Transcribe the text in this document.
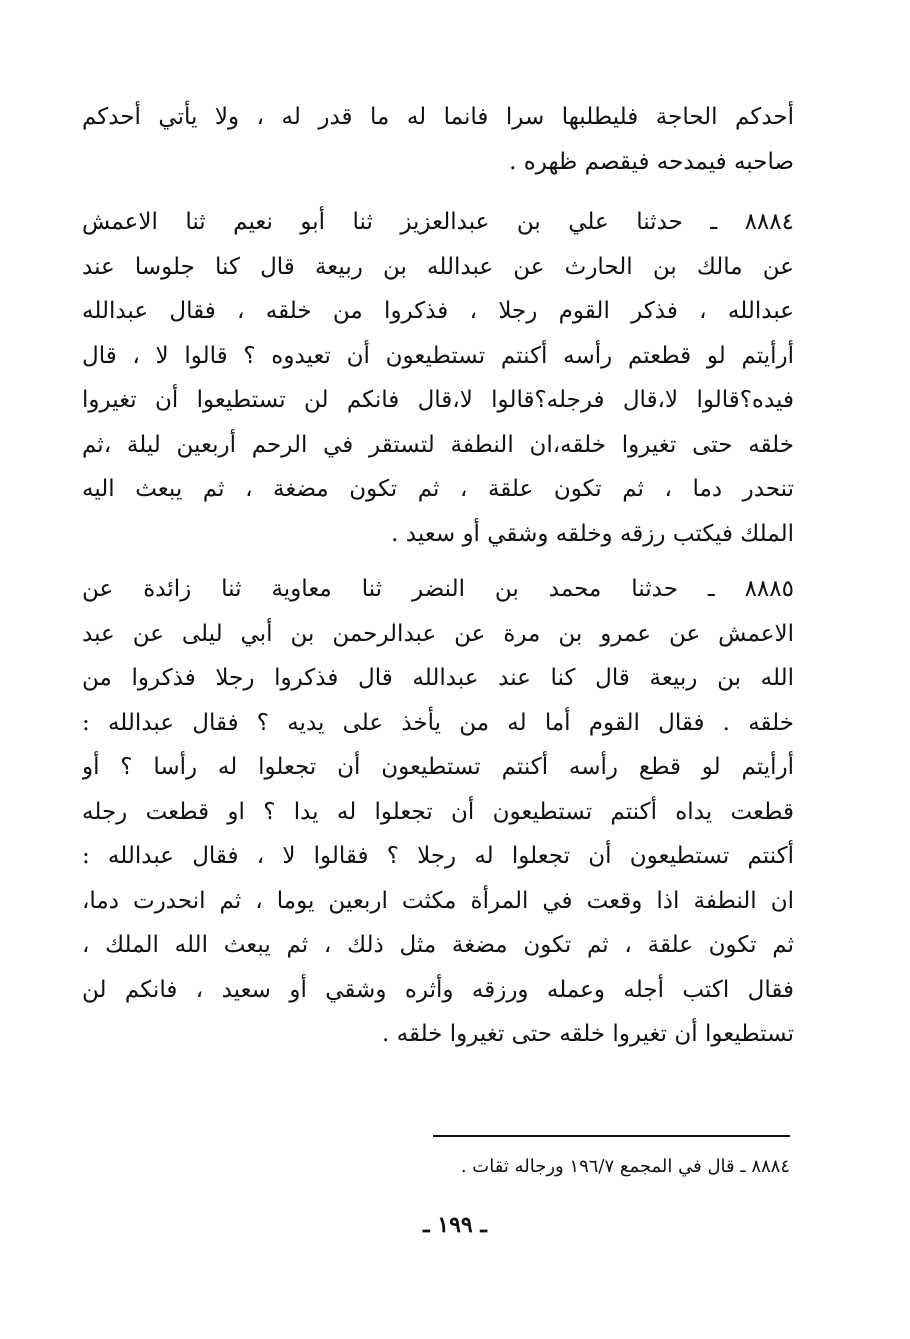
أحدكم الحاجة فليطلبها سرا فانما له ما قدر له ، ولا يأتي أحدكم
صاحبه فيمدحه فيقصم ظهره .
٨٨٨٤ ـ حدثنا علي بن عبدالعزيز ثنا أبو نعيم ثنا الاعمش
عن مالك بن الحارث عن عبدالله بن ربيعة قال كنا جلوسا عند
عبدالله ، فذكر القوم رجلا ، فذكروا من خلقه ، فقال عبدالله
أرأيتم لو قطعتم رأسه أكنتم تستطيعون أن تعيدوه ؟ قالوا لا ، قال
فيده؟قالوا لا،قال فرجله؟قالوا لا،قال فانكم لن تستطيعوا أن تغيروا
خلقه حتى تغيروا خلقه،ان النطفة لتستقر في الرحم أربعين ليلة ،ثم
تنحدر دما ، ثم تكون علقة ، ثم تكون مضغة ، ثم يبعث اليه
الملك فيكتب رزقه وخلقه وشقي أو سعيد .
٨٨٨٥ ـ حدثنا محمد بن النضر ثنا معاوية ثنا زائدة عن
الاعمش عن عمرو بن مرة عن عبدالرحمن بن أبي ليلى عن عبد
الله بن ربيعة قال كنا عند عبدالله قال فذكروا رجلا فذكروا من
خلقه . فقال القوم أما له من يأخذ على يديه ؟ فقال عبدالله :
أرأيتم لو قطع رأسه أكنتم تستطيعون أن تجعلوا له رأسا ؟ أو
قطعت يداه أكنتم تستطيعون أن تجعلوا له يدا ؟ او قطعت رجله
أكنتم تستطيعون أن تجعلوا له رجلا ؟ فقالوا لا ، فقال عبدالله :
ان النطفة اذا وقعت في المرأة مكثت اربعين يوما ، ثم انحدرت دما،
ثم تكون علقة ، ثم تكون مضغة مثل ذلك ، ثم يبعث الله الملك ،
فقال اكتب أجله وعمله ورزقه وأثره وشقي أو سعيد ، فانكم لن
تستطيعوا أن تغيروا خلقه حتى تغيروا خلقه .
٨٨٨٤ ـ قال في المجمع ١٩٦/٧ ورجاله ثقات .
ـ ١٩٩ ـ
